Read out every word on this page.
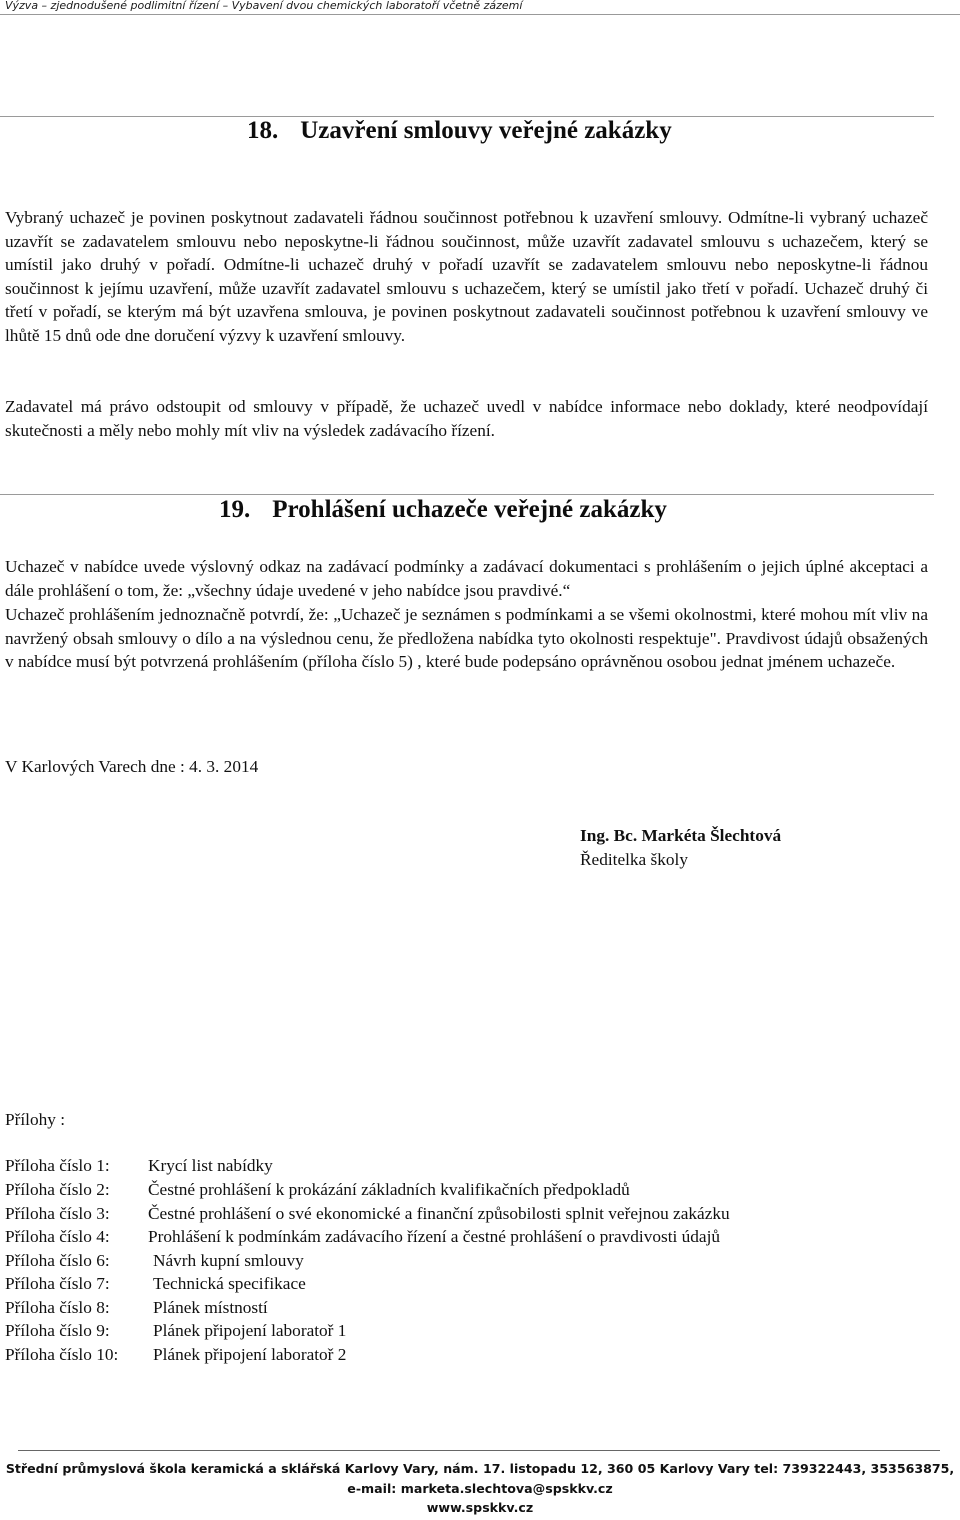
Výzva – zjednodušené podlimitní řízení – Vybavení dvou chemických laboratoří včetně zázemí
18. Uzavření smlouvy veřejné zakázky

Vybraný uchazeč je povinen poskytnout zadavateli řádnou součinnost potřebnou k uzavření smlouvy. Odmítne-li vybraný uchazeč uzavřít se zadavatelem smlouvu nebo neposkytne-li řádnou součinnost, může uzavřít zadavatel smlouvu s uchazečem, který se umístil jako druhý v pořadí. Odmítne-li uchazeč druhý v pořadí uzavřít se zadavatelem smlouvu nebo neposkytne-li řádnou součinnost k jejímu uzavření, může uzavřít zadavatel smlouvu s uchazečem, který se umístil jako třetí v pořadí. Uchazeč druhý či třetí v pořadí, se kterým má být uzavřena smlouva, je povinen poskytnout zadavateli součinnost potřebnou k uzavření smlouvy ve lhůtě 15 dnů ode dne doručení výzvy k uzavření smlouvy.

Zadavatel má právo odstoupit od smlouvy v případě, že uchazeč uvedl v nabídce informace nebo doklady, které neodpovídají skutečnosti a měly nebo mohly mít vliv na výsledek zadávacího řízení.

19. Prohlášení uchazeče veřejné zakázky

Uchazeč v nabídce uvede výslovný odkaz na zadávací podmínky a zadávací dokumentaci s prohlášením o jejich úplné akceptaci a dále prohlášení o tom, že: „všechny údaje uvedené v jeho nabídce jsou pravdivé.“

Uchazeč prohlášením jednoznačně potvrdí, že: „Uchazeč je seznámen s podmínkami a se všemi okolnostmi, které mohou mít vliv na navržený obsah smlouvy o dílo a na výslednou cenu, že předložena nabídka tyto okolnosti respektuje". Pravdivost údajů obsažených v nabídce musí být potvrzená prohlášením (příloha číslo 5) , které bude podepsáno oprávněnou osobou jednat jménem uchazeče.

V Karlových Varech dne : 4. 3. 2014

Ing. Bc. Markéta Šlechtová
Ředitelka školy
Přílohy :
Příloha číslo 1: Krycí list nabídky
Příloha číslo 2: Čestné prohlášení k prokázání základních kvalifikačních předpokladů
Příloha číslo 3: Čestné prohlášení o své ekonomické a finanční způsobilosti splnit veřejnou zakázku
Příloha číslo 4: Prohlášení k podmínkám zadávacího řízení a čestné prohlášení o pravdivosti údajů
Příloha číslo 6:	Návrh kupní smlouvy
Příloha číslo 7:	Technická specifikace
Příloha číslo 8:	Plánek místností
Příloha číslo 9:	Plánek připojení laboratoř 1
Příloha číslo 10: Plánek připojení laboratoř 2
Střední průmyslová škola keramická a sklářská Karlovy Vary, nám. 17. listopadu 12, 360 05 Karlovy Vary tel: 739322443, 353563875,
e-mail: marketa.slechtova@spskkv.cz
www.spskkv.cz
